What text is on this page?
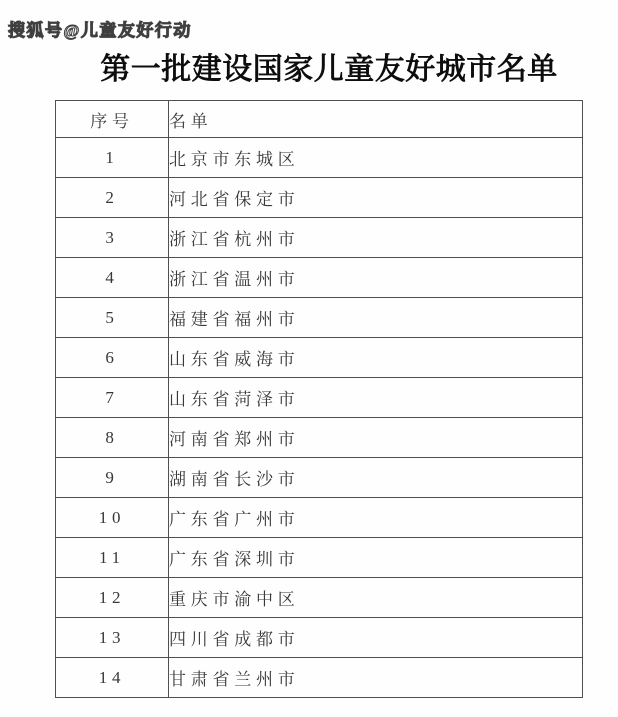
搜狐号@儿童友好行动
第一批建设国家儿童友好城市名单
序号	名单
1	北京市东城区
2	河北省保定市
3	浙江省杭州市
4	浙江省温州市
5	福建省福州市
6	山东省威海市
7	山东省菏泽市
8	河南省郑州市
9	湖南省长沙市
10	广东省广州市
11	广东省深圳市
12	重庆市渝中区
13	四川省成都市
14	甘肃省兰州市
